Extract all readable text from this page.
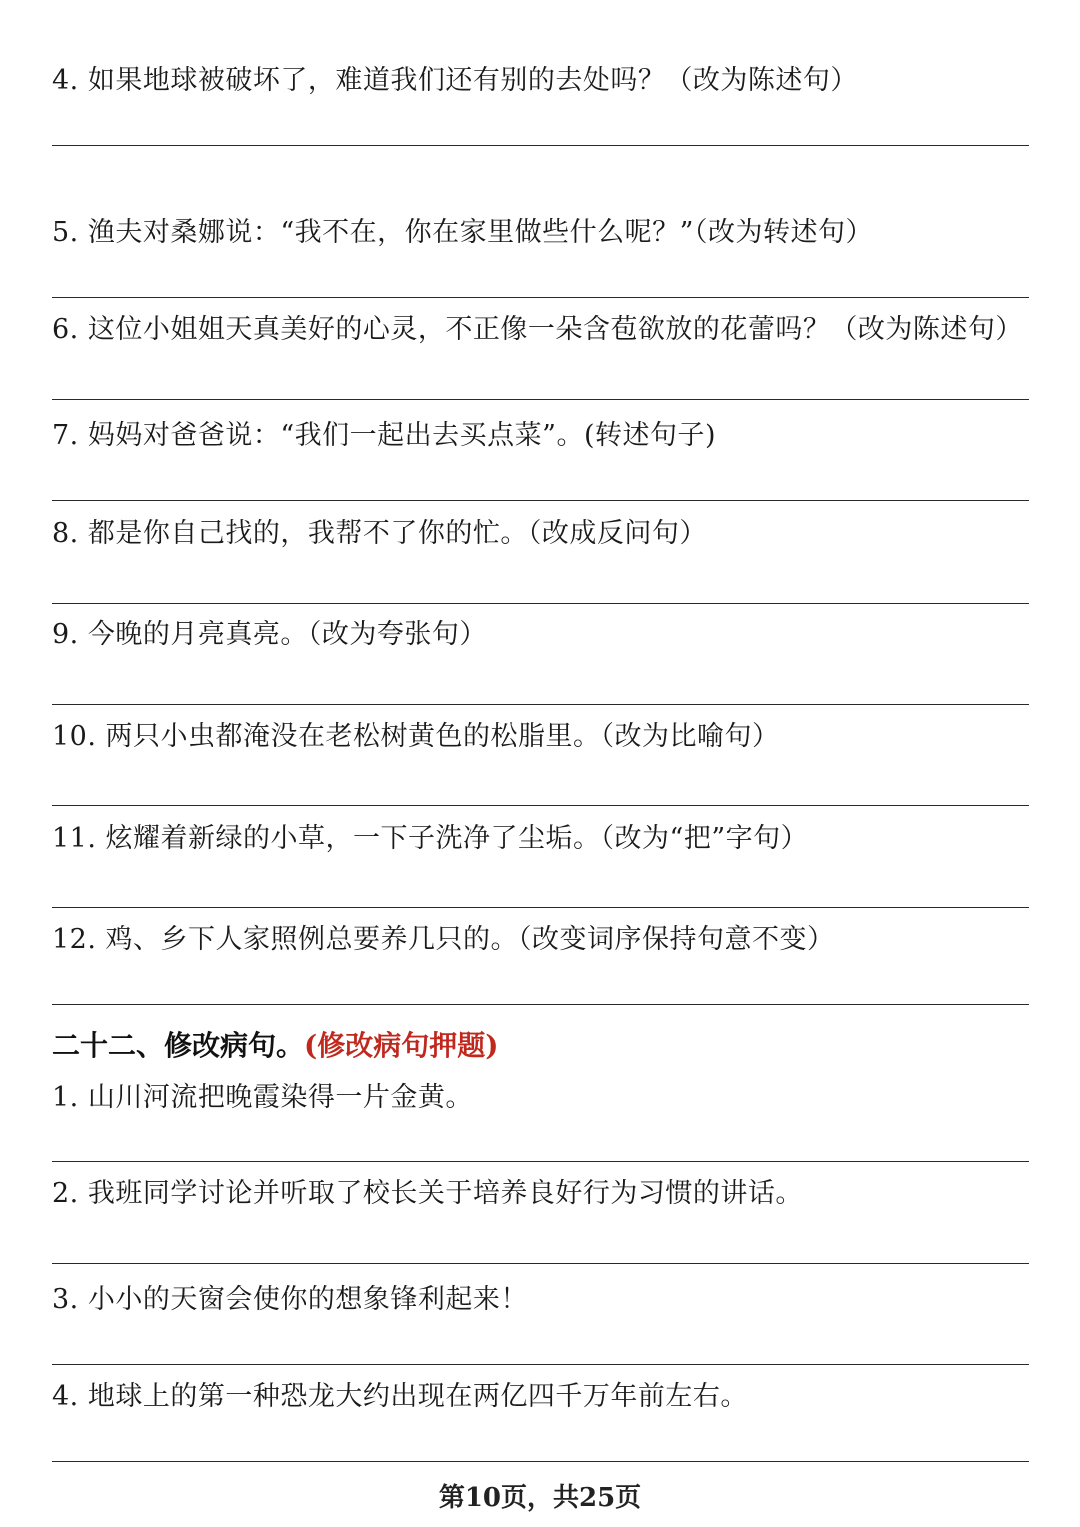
4. 如果地球被破坏了，难道我们还有别的去处吗？（改为陈述句）
5. 渔夫对桑娜说：“我不在，你在家里做些什么呢？”（改为转述句）
6. 这位小姐姐天真美好的心灵，不正像一朵含苞欲放的花蕾吗？（改为陈述句）
7. 妈妈对爸爸说：“我们一起出去买点菜”。(转述句子)
8. 都是你自己找的，我帮不了你的忙。（改成反问句）
9. 今晚的月亮真亮。（改为夸张句）
10. 两只小虫都淹没在老松树黄色的松脂里。（改为比喻句）
11. 炫耀着新绿的小草，一下子洗净了尘垢。（改为“把”字句）
12. 鸡、乡下人家照例总要养几只的。（改变词序保持句意不变）
二十二、修改病句。(修改病句押题)
1. 山川河流把晚霞染得一片金黄。
2. 我班同学讨论并听取了校长关于培养良好行为习惯的讲话。
3. 小小的天窗会使你的想象锋利起来！
4. 地球上的第一种恐龙大约出现在两亿四千万年前左右。
第10页，共25页
